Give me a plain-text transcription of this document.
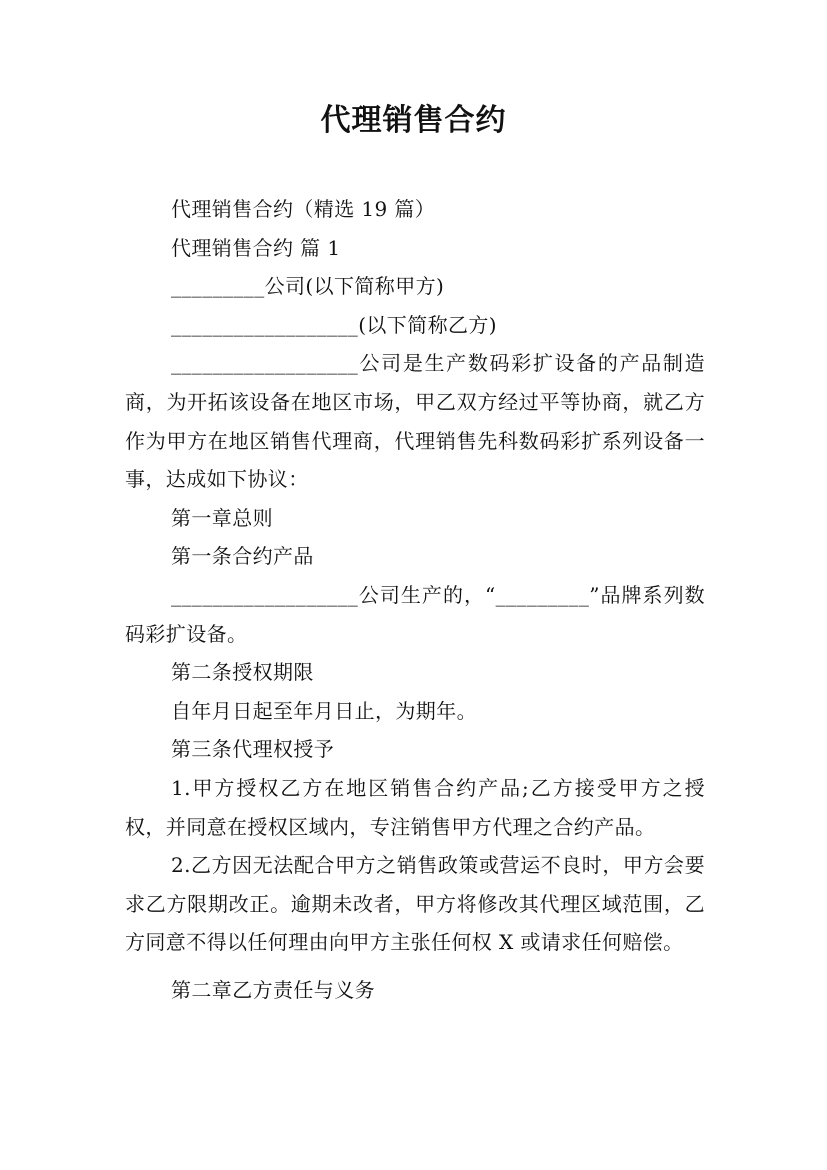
代理销售合约

代理销售合约（精选 19 篇）

代理销售合约 篇 1

_________公司(以下简称甲方)

__________________(以下简称乙方)

__________________公司是生产数码彩扩设备的产品制造商，为开拓该设备在地区市场，甲乙双方经过平等协商，就乙方作为甲方在地区销售代理商，代理销售先科数码彩扩系列设备一事，达成如下协议：

第一章总则

第一条合约产品

__________________公司生产的，“_________”品牌系列数码彩扩设备。

第二条授权期限

自年月日起至年月日止，为期年。

第三条代理权授予

1.甲方授权乙方在地区销售合约产品;乙方接受甲方之授权，并同意在授权区域内，专注销售甲方代理之合约产品。

2.乙方因无法配合甲方之销售政策或营运不良时，甲方会要求乙方限期改正。逾期未改者，甲方将修改其代理区域范围，乙方同意不得以任何理由向甲方主张任何权 X 或请求任何赔偿。

第二章乙方责任与义务
